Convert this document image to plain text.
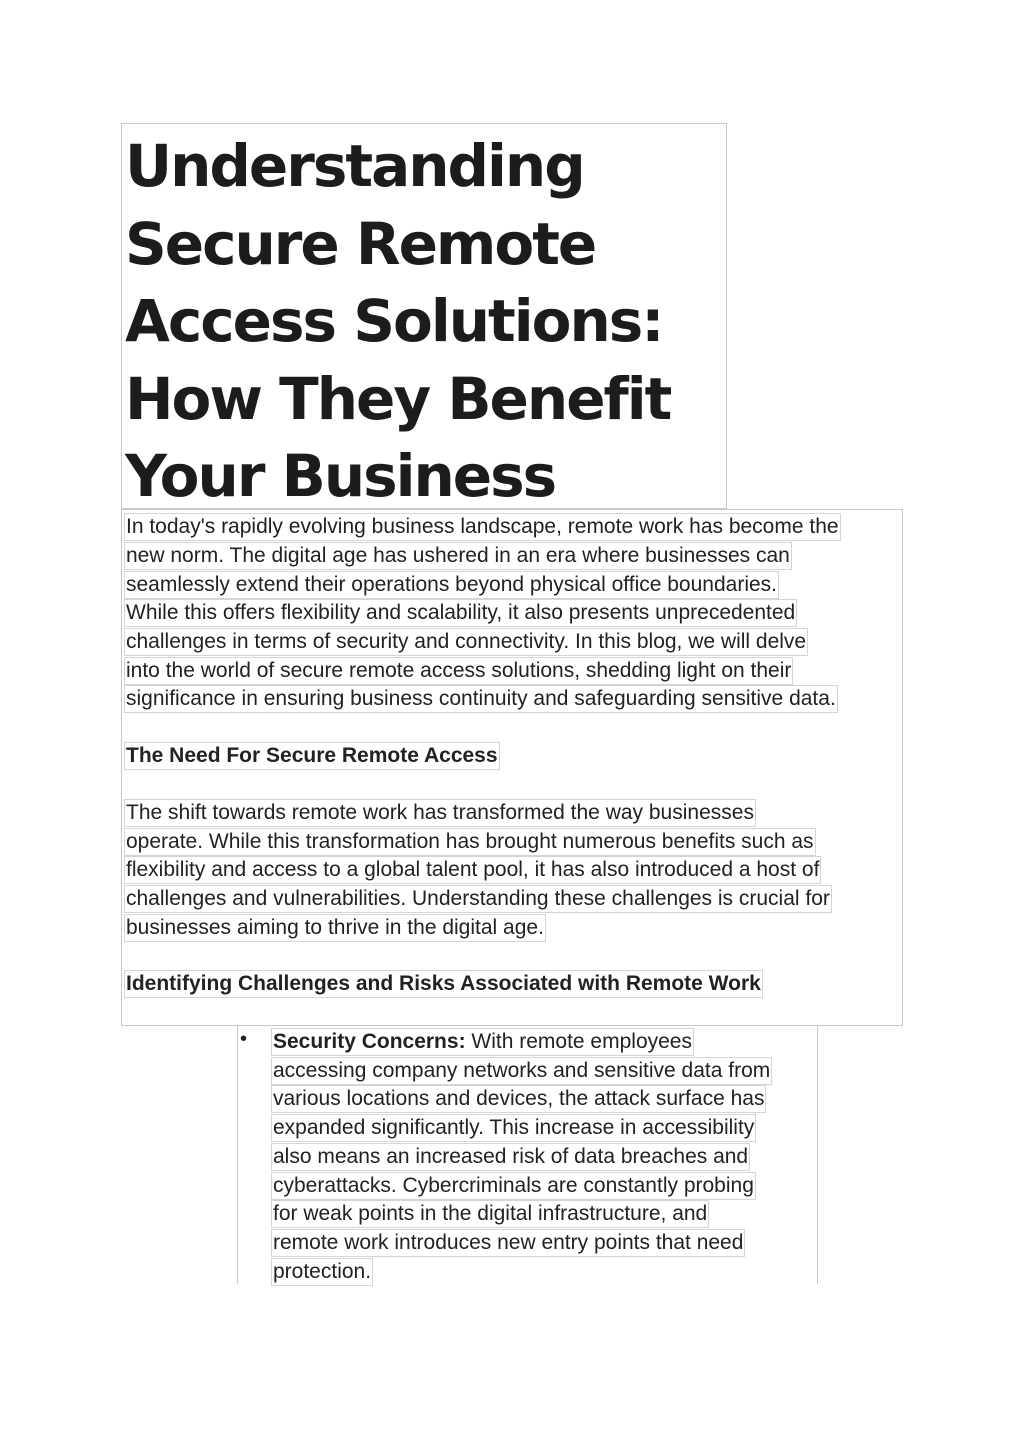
Understanding
Secure Remote
Access Solutions:
How They Benefit
Your Business
In today's rapidly evolving business landscape, remote work has become the
new norm. The digital age has ushered in an era where businesses can
seamlessly extend their operations beyond physical office boundaries.
While this offers flexibility and scalability, it also presents unprecedented
challenges in terms of security and connectivity. In this blog, we will delve
into the world of secure remote access solutions, shedding light on their
significance in ensuring business continuity and safeguarding sensitive data.
The Need For Secure Remote Access
The shift towards remote work has transformed the way businesses
operate. While this transformation has brought numerous benefits such as
flexibility and access to a global talent pool, it has also introduced a host of
challenges and vulnerabilities. Understanding these challenges is crucial for
businesses aiming to thrive in the digital age.
Identifying Challenges and Risks Associated with Remote Work
• Security Concerns: With remote employees
accessing company networks and sensitive data from
various locations and devices, the attack surface has
expanded significantly. This increase in accessibility
also means an increased risk of data breaches and
cyberattacks. Cybercriminals are constantly probing
for weak points in the digital infrastructure, and
remote work introduces new entry points that need
protection.
